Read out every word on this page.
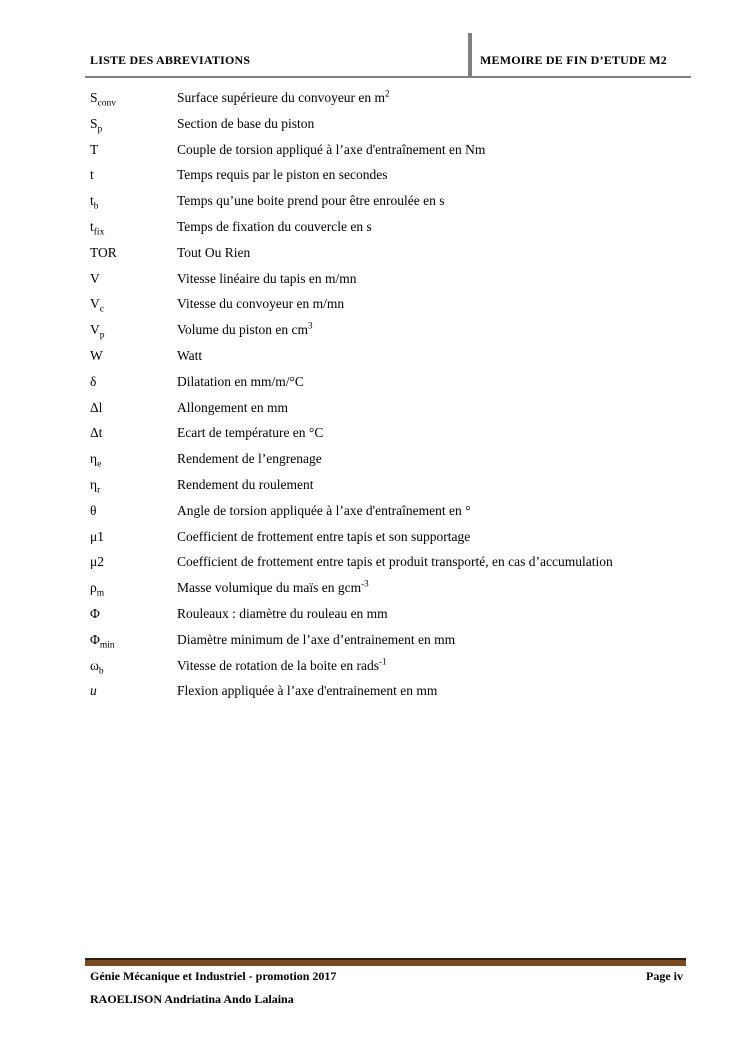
LISTE DES ABREVIATIONS	MEMOIRE DE FIN D’ETUDE M2
$S_{conv}$	Surface supérieure du convoyeur en $m^2$
$S_p$	Section de base du piston
T	Couple de torsion appliqué à l’axe d'entraînement en Nm
t	Temps requis par le piston en secondes
$t_b$	Temps qu’une boite prend pour être enroulée en s
$t_{fix}$	Temps de fixation du couvercle en s
TOR	Tout Ou Rien
V	Vitesse linéaire du tapis en m/mn
$V_c$	Vitesse du convoyeur en m/mn
$V_p$	Volume du piston en $cm^3$
W	Watt
δ	Dilatation en mm/m/°C
Δl	Allongement en mm
Δt	Ecart de température en °C
$\eta_e$	Rendement de l’engrenage
$\eta_r$	Rendement du roulement
θ	Angle de torsion appliquée à l’axe d'entraînement en °
μ1	Coefficient de frottement entre tapis et son supportage
μ2	Coefficient de frottement entre tapis et produit transporté, en cas d’accumulation
$\rho_m$	Masse volumique du maïs en gcm$^{-3}$
Φ	Rouleaux : diamètre du rouleau en mm
$\Phi_{min}$	Diamètre minimum de l’axe d’entrainement en mm
$\omega_b$	Vitesse de rotation de la boite en rads$^{-1}$
u	Flexion appliquée à l’axe d'entrainement en mm
Génie Mécanique et Industriel - promotion 2017	Page iv
RAOELISON Andriatina Ando Lalaina
